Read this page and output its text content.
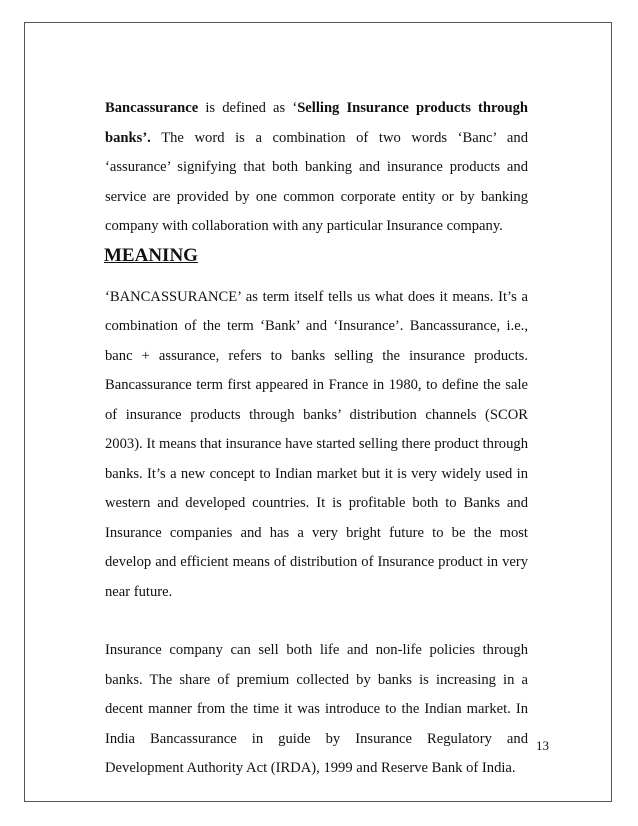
Bancassurance is defined as ‘Selling Insurance products through banks’. The word is a combination of two words ‘Banc’ and ‘assurance’ signifying that both banking and insurance products and service are provided by one common corporate entity or by banking company with collaboration with any particular Insurance company.

MEANING

‘BANCASSURANCE’ as term itself tells us what does it means. It’s a combination of the term ‘Bank’ and ‘Insurance’. Bancassurance, i.e., banc + assurance, refers to banks selling the insurance products. Bancassurance term first appeared in France in 1980, to define the sale of insurance products through banks’ distribution channels (SCOR 2003). It means that insurance have started selling there product through banks. It’s a new concept to Indian market but it is very widely used in western and developed countries. It is profitable both to Banks and Insurance companies and has a very bright future to be the most develop and efficient means of distribution of Insurance product in very near future.

Insurance company can sell both life and non-life policies through banks. The share of premium collected by banks is increasing in a decent manner from the time it was introduce to the Indian market. In India Bancassurance in guide by Insurance Regulatory and Development Authority Act (IRDA), 1999 and Reserve Bank of India.

13
